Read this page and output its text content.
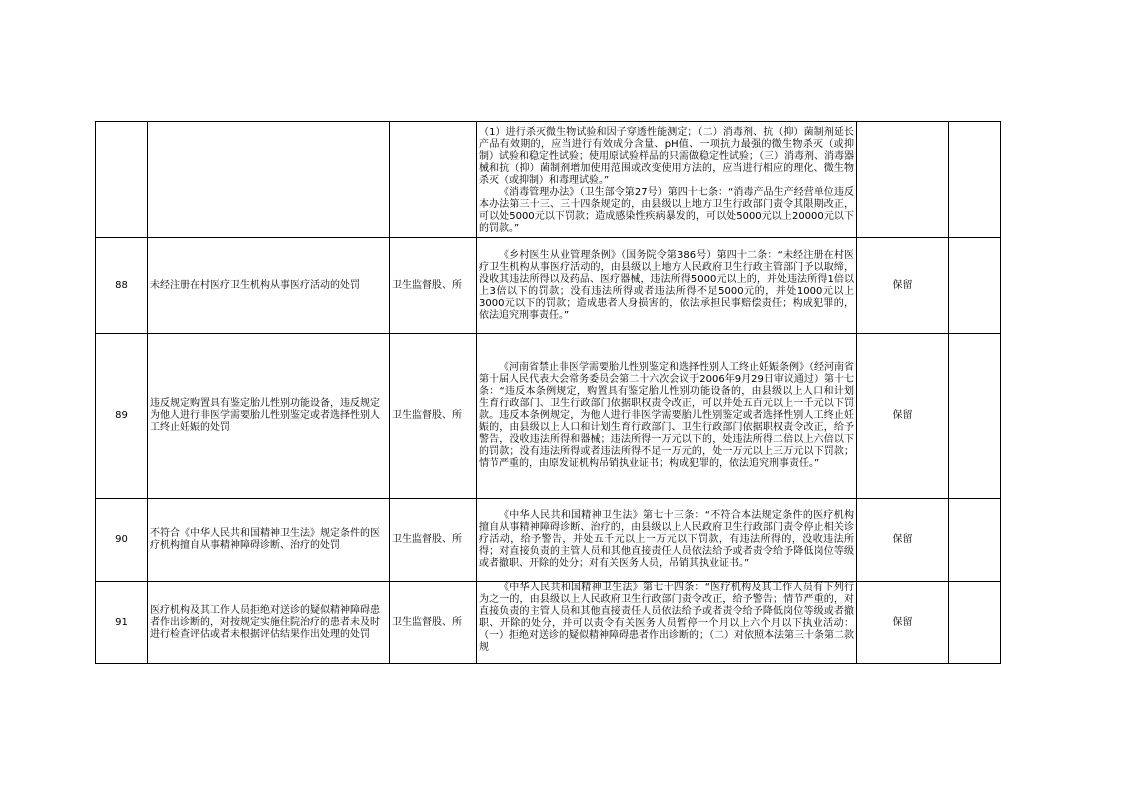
			（1）进行杀灭微生物试验和因子穿透性能测定；（二）消毒剂、抗（抑）菌制剂延长产品有效期的，应当进行有效成分含量、pH值、一项抗力最强的微生物杀灭（或抑制）试验和稳定性试验；使用原试验样品的只需做稳定性试验；（三）消毒剂、消毒器械和抗（抑）菌制剂增加使用范围或改变使用方法的，应当进行相应的理化、微生物杀灭（或抑制）和毒理试验。”

《消毒管理办法》（卫生部令第27号）第四十七条：“消毒产品生产经营单位违反本办法第三十三、三十四条规定的，由县级以上地方卫生行政部门责令其限期改正，可以处5000元以下罚款；造成感染性疾病暴发的，可以处5000元以上20000元以下的罚款。”		

88	未经注册在村医疗卫生机构从事医疗活动的处罚	卫生监督股、所	《乡村医生从业管理条例》（国务院令第386号）第四十二条：“未经注册在村医疗卫生机构从事医疗活动的，由县级以上地方人民政府卫生行政主管部门予以取缔，没收其违法所得以及药品、医疗器械，违法所得5000元以上的，并处违法所得1倍以上3倍以下的罚款；没有违法所得或者违法所得不足5000元的，并处1000元以上3000元以下的罚款；造成患者人身损害的，依法承担民事赔偿责任；构成犯罪的，依法追究刑事责任。”	保留	
89	违反规定购置具有鉴定胎儿性别功能设备，违反规定为他人进行非医学需要胎儿性别鉴定或者选择性别人工终止妊娠的处罚	卫生监督股、所	《河南省禁止非医学需要胎儿性别鉴定和选择性别人工终止妊娠条例》（经河南省第十届人民代表大会常务委员会第二十六次会议于2006年9月29日审议通过）第十七条：“违反本条例规定，购置具有鉴定胎儿性别功能设备的，由县级以上人口和计划生育行政部门、卫生行政部门依据职权责令改正，可以并处五百元以上一千元以下罚款。违反本条例规定，为他人进行非医学需要胎儿性别鉴定或者选择性别人工终止妊娠的，由县级以上人口和计划生育行政部门、卫生行政部门依据职权责令改正，给予警告，没收违法所得和器械；违法所得一万元以下的，处违法所得二倍以上六倍以下的罚款；没有违法所得或者违法所得不足一万元的，处一万元以上三万元以下罚款；情节严重的，由原发证机构吊销执业证书；构成犯罪的，依法追究刑事责任。”	保留	
90	不符合《中华人民共和国精神卫生法》规定条件的医疗机构擅自从事精神障碍诊断、治疗的处罚	卫生监督股、所	《中华人民共和国精神卫生法》第七十三条：“不符合本法规定条件的医疗机构擅自从事精神障碍诊断、治疗的，由县级以上人民政府卫生行政部门责令停止相关诊疗活动，给予警告，并处五千元以上一万元以下罚款，有违法所得的，没收违法所得；对直接负责的主管人员和其他直接责任人员依法给予或者责令给予降低岗位等级或者撤职、开除的处分；对有关医务人员，吊销其执业证书。”	保留	
91	医疗机构及其工作人员拒绝对送诊的疑似精神障碍患者作出诊断的，对按规定实施住院治疗的患者未及时进行检查评估或者未根据评估结果作出处理的处罚	卫生监督股、所	《中华人民共和国精神卫生法》第七十四条：“医疗机构及其工作人员有下列行为之一的，由县级以上人民政府卫生行政部门责令改正，给予警告；情节严重的，对直接负责的主管人员和其他直接责任人员依法给予或者责令给予降低岗位等级或者撤职、开除的处分，并可以责令有关医务人员暂停一个月以上六个月以下执业活动：（一）拒绝对送诊的疑似精神障碍患者作出诊断的；（二）对依照本法第三十条第二款规	保留	
